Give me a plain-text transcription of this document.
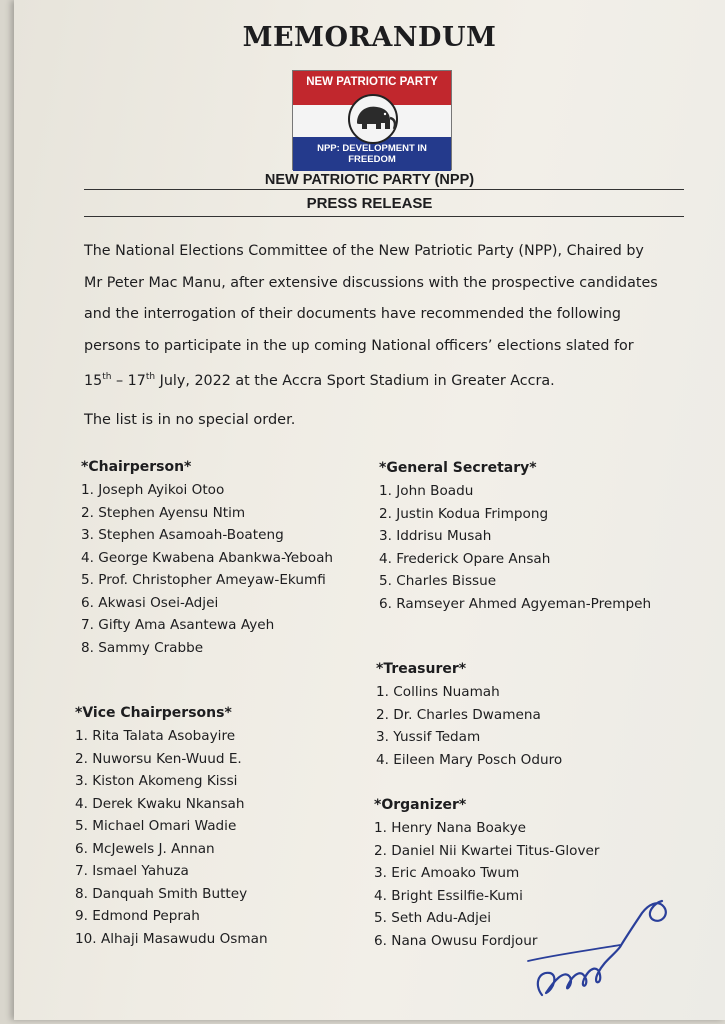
MEMORANDUM
NEW PATRIOTIC PARTY
NPP: DEVELOPMENT IN FREEDOM
NEW PATRIOTIC PARTY (NPP)
PRESS RELEASE
The National Elections Committee of the New Patriotic Party (NPP), Chaired by
Mr Peter Mac Manu, after extensive discussions with the prospective candidates
and the interrogation of their documents have recommended the following
persons to participate in the up coming National officers’ elections slated for
15th – 17th July, 2022 at the Accra Sport Stadium in Greater Accra.
The list is in no special order.
*Chairperson*
1. Joseph Ayikoi Otoo
2. Stephen Ayensu Ntim
3. Stephen Asamoah-Boateng
4. George Kwabena Abankwa-Yeboah
5. Prof. Christopher Ameyaw-Ekumfi
6. Akwasi Osei-Adjei
7. Gifty Ama Asantewa Ayeh
8. Sammy Crabbe
*Vice Chairpersons*
1. Rita Talata Asobayire
2. Nuworsu Ken-Wuud E.
3. Kiston Akomeng Kissi
4. Derek Kwaku Nkansah
5. Michael Omari Wadie
6. McJewels J. Annan
7. Ismael Yahuza
8. Danquah Smith Buttey
9. Edmond Peprah
10. Alhaji Masawudu Osman
*General Secretary*
1. John Boadu
2. Justin Kodua Frimpong
3. Iddrisu Musah
4. Frederick Opare Ansah
5. Charles Bissue
6. Ramseyer Ahmed Agyeman-Prempeh
*Treasurer*
1. Collins Nuamah
2. Dr. Charles Dwamena
3. Yussif Tedam
4. Eileen Mary Posch Oduro
*Organizer*
1. Henry Nana Boakye
2. Daniel Nii Kwartei Titus-Glover
3. Eric Amoako Twum
4. Bright Essilfie-Kumi
5. Seth Adu-Adjei
6. Nana Owusu Fordjour
